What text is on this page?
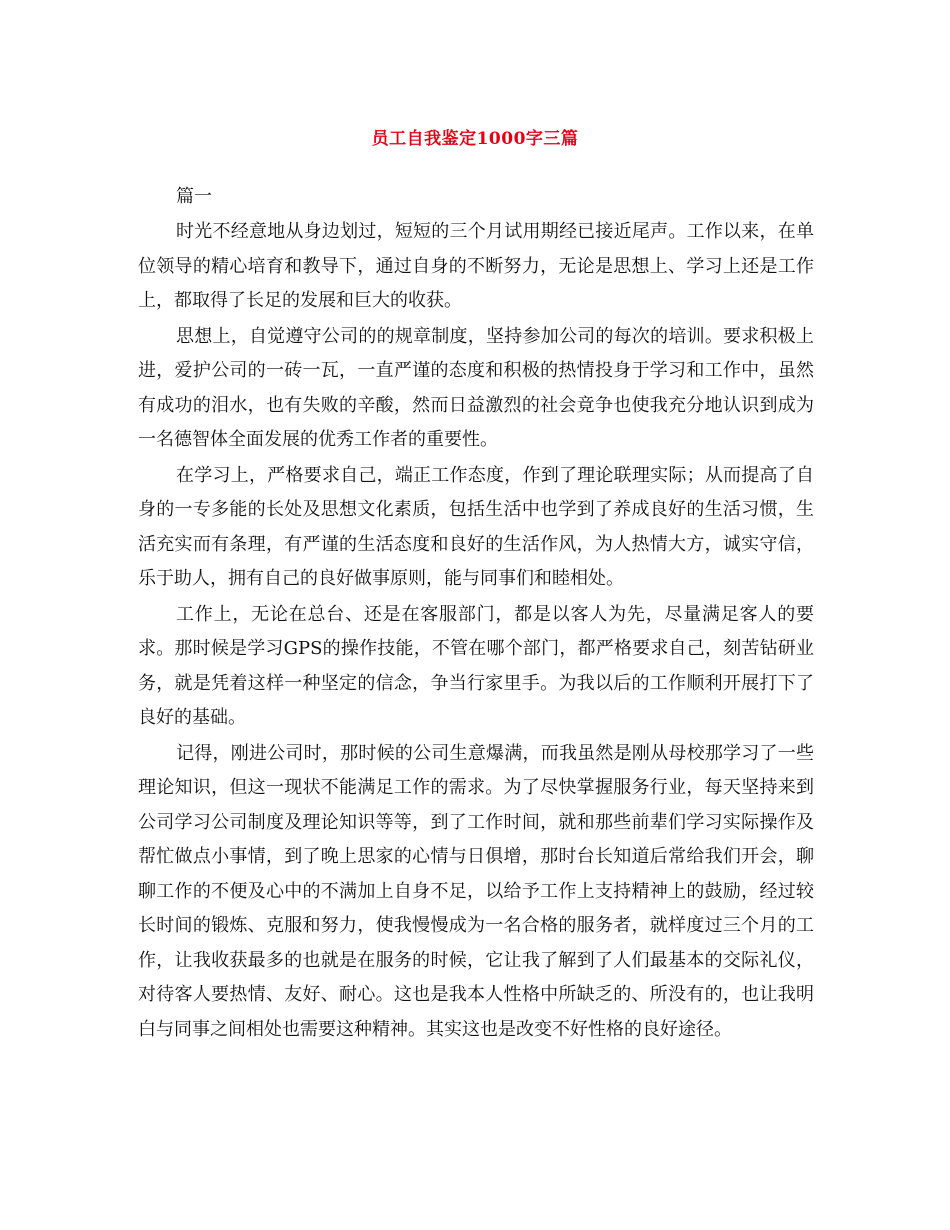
员工自我鉴定1000字三篇

篇一

时光不经意地从身边划过，短短的三个月试用期经已接近尾声。工作以来，在单位领导的精心培育和教导下，通过自身的不断努力，无论是思想上、学习上还是工作上，都取得了长足的发展和巨大的收获。

思想上，自觉遵守公司的的规章制度，坚持参加公司的每次的培训。要求积极上进，爱护公司的一砖一瓦，一直严谨的态度和积极的热情投身于学习和工作中，虽然有成功的泪水，也有失败的辛酸，然而日益激烈的社会竟争也使我充分地认识到成为一名德智体全面发展的优秀工作者的重要性。

在学习上，严格要求自己，端正工作态度，作到了理论联理实际；从而提高了自身的一专多能的长处及思想文化素质，包括生活中也学到了养成良好的生活习惯，生活充实而有条理，有严谨的生活态度和良好的生活作风，为人热情大方，诚实守信，乐于助人，拥有自己的良好做事原则，能与同事们和睦相处。

工作上，无论在总台、还是在客服部门，都是以客人为先，尽量满足客人的要求。那时候是学习GPS的操作技能，不管在哪个部门，都严格要求自己，刻苦钻研业务，就是凭着这样一种坚定的信念，争当行家里手。为我以后的工作顺利开展打下了良好的基础。

记得，刚进公司时，那时候的公司生意爆满，而我虽然是刚从母校那学习了一些理论知识，但这一现状不能满足工作的需求。为了尽快掌握服务行业，每天坚持来到公司学习公司制度及理论知识等等，到了工作时间，就和那些前辈们学习实际操作及帮忙做点小事情，到了晚上思家的心情与日俱增，那时台长知道后常给我们开会，聊聊工作的不便及心中的不满加上自身不足，以给予工作上支持精神上的鼓励，经过较长时间的锻炼、克服和努力，使我慢慢成为一名合格的服务者，就样度过三个月的工作，让我收获最多的也就是在服务的时候，它让我了解到了人们最基本的交际礼仪，对待客人要热情、友好、耐心。这也是我本人性格中所缺乏的、所没有的，也让我明白与同事之间相处也需要这种精神。其实这也是改变不好性格的良好途径。
